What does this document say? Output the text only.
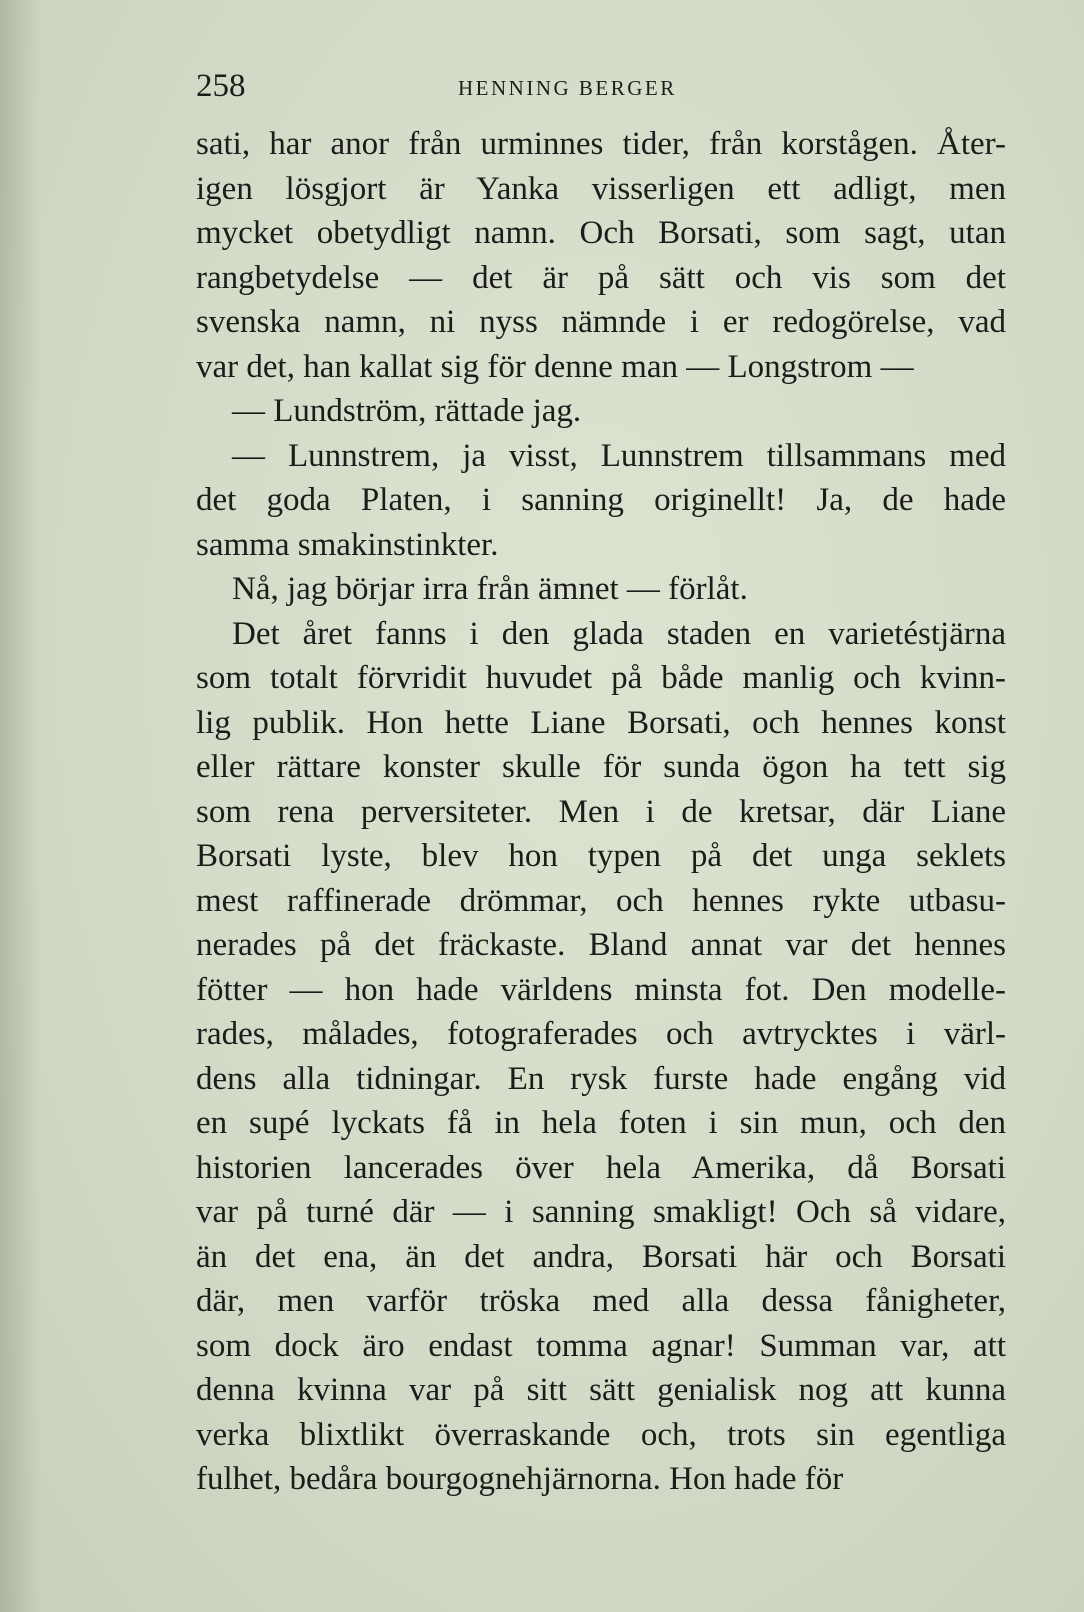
258	HENNING BERGER
sati, har anor från urminnes tider, från korstågen. Åter-
igen lösgjort är Yanka visserligen ett adligt, men
mycket obetydligt namn. Och Borsati, som sagt, utan
rangbetydelse — det är på sätt och vis som det
svenska namn, ni nyss nämnde i er redogörelse, vad
var det, han kallat sig för denne man — Longstrom —
— Lundström, rättade jag.
— Lunnstrem, ja visst, Lunnstrem tillsammans med
det goda Platen, i sanning originellt! Ja, de hade
samma smakinstinkter.
Nå, jag börjar irra från ämnet — förlåt.
Det året fanns i den glada staden en varietéstjärna
som totalt förvridit huvudet på både manlig och kvinn-
lig publik. Hon hette Liane Borsati, och hennes konst
eller rättare konster skulle för sunda ögon ha tett sig
som rena perversiteter. Men i de kretsar, där Liane
Borsati lyste, blev hon typen på det unga seklets
mest raffinerade drömmar, och hennes rykte utbasu-
nerades på det fräckaste. Bland annat var det hennes
fötter — hon hade världens minsta fot. Den modelle-
rades, målades, fotograferades och avtrycktes i värl-
dens alla tidningar. En rysk furste hade engång vid
en supé lyckats få in hela foten i sin mun, och den
historien lancerades över hela Amerika, då Borsati
var på turné där — i sanning smakligt! Och så vidare,
än det ena, än det andra, Borsati här och Borsati
där, men varför tröska med alla dessa fånigheter,
som dock äro endast tomma agnar! Summan var, att
denna kvinna var på sitt sätt genialisk nog att kunna
verka blixtlikt överraskande och, trots sin egentliga
fulhet, bedåra bourgognehjärnorna. Hon hade för
